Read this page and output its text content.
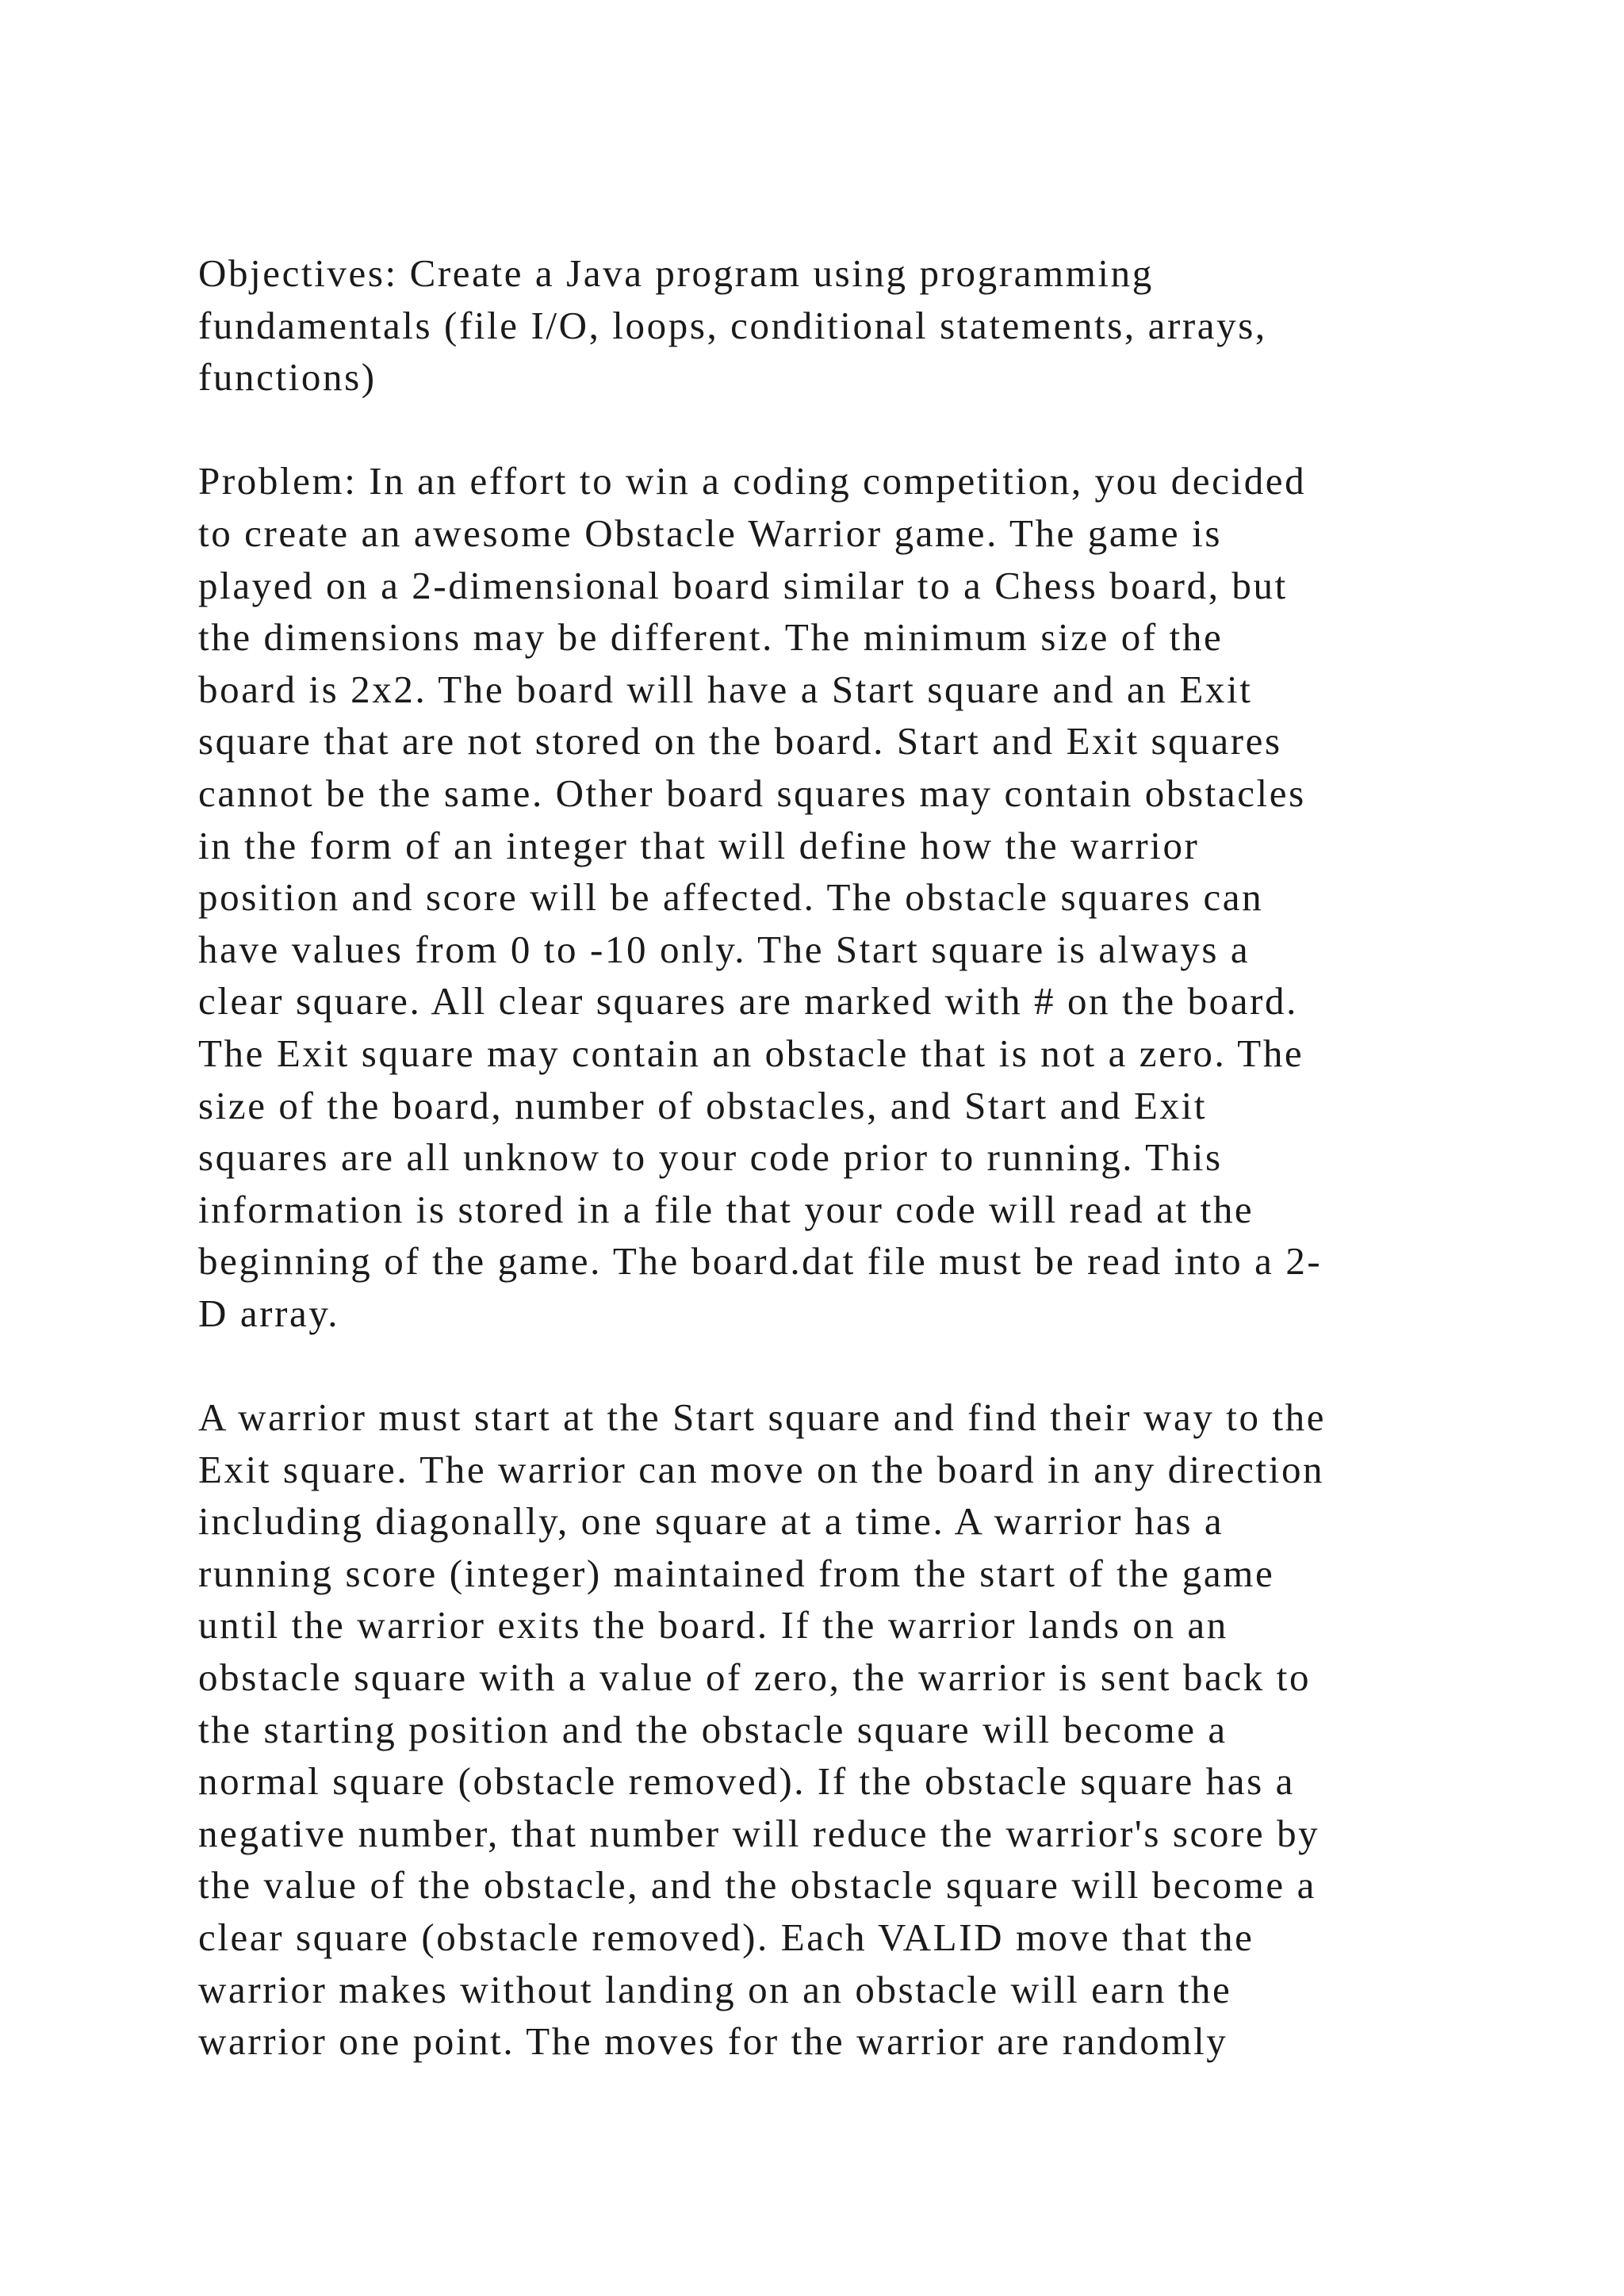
Objectives: Create a Java program using programming
fundamentals (file I/O, loops, conditional statements, arrays,
functions)

Problem: In an effort to win a coding competition, you decided
to create an awesome Obstacle Warrior game. The game is
played on a 2-dimensional board similar to a Chess board, but
the dimensions may be different. The minimum size of the
board is 2x2. The board will have a Start square and an Exit
square that are not stored on the board. Start and Exit squares
cannot be the same. Other board squares may contain obstacles
in the form of an integer that will define how the warrior
position and score will be affected. The obstacle squares can
have values from 0 to -10 only. The Start square is always a
clear square. All clear squares are marked with # on the board.
The Exit square may contain an obstacle that is not a zero. The
size of the board, number of obstacles, and Start and Exit
squares are all unknow to your code prior to running. This
information is stored in a file that your code will read at the
beginning of the game. The board.dat file must be read into a 2-
D array.

A warrior must start at the Start square and find their way to the
Exit square. The warrior can move on the board in any direction
including diagonally, one square at a time. A warrior has a
running score (integer) maintained from the start of the game
until the warrior exits the board. If the warrior lands on an
obstacle square with a value of zero, the warrior is sent back to
the starting position and the obstacle square will become a
normal square (obstacle removed). If the obstacle square has a
negative number, that number will reduce the warrior's score by
the value of the obstacle, and the obstacle square will become a
clear square (obstacle removed). Each VALID move that the
warrior makes without landing on an obstacle will earn the
warrior one point. The moves for the warrior are randomly
